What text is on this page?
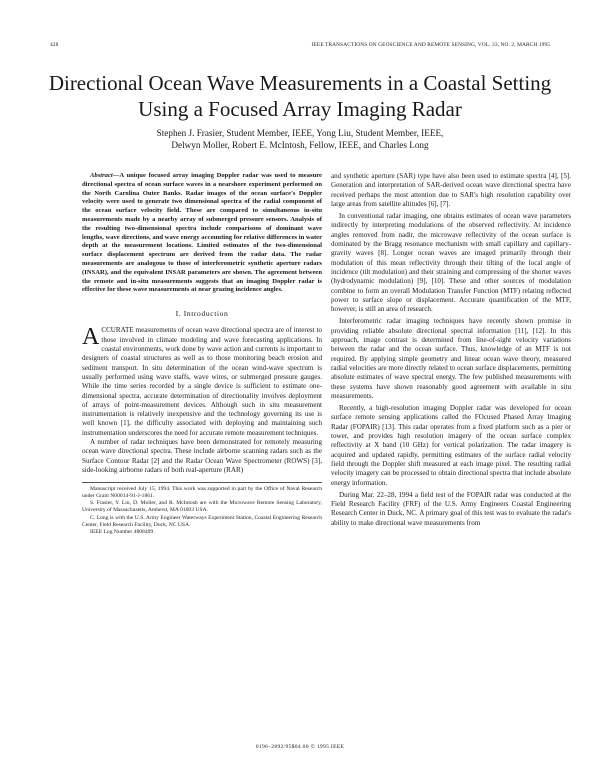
428	IEEE TRANSACTIONS ON GEOSCIENCE AND REMOTE SENSING, VOL. 33, NO. 2, MARCH 1995
Directional Ocean Wave Measurements in a Coastal Setting Using a Focused Array Imaging Radar
Stephen J. Frasier, Student Member, IEEE, Yong Liu, Student Member, IEEE,
Delwyn Moller, Robert E. McIntosh, Fellow, IEEE, and Charles Long

Abstract—A unique focused array imaging Doppler radar was used to measure directional spectra of ocean surface waves in a nearshore experiment performed on the North Carolina Outer Banks. Radar images of the ocean surface's Doppler velocity were used to generate two dimensional spectra of the radial component of the ocean surface velocity field. These are compared to simultaneous in-situ measurements made by a nearby array of submerged pressure sensors. Analysis of the resulting two-dimensional spectra include comparisons of dominant wave lengths, wave directions, and wave energy accounting for relative differences in water depth at the measurement locations. Limited estimates of the two-dimensional surface displacement spectrum are derived from the radar data. The radar measurements are analogous to those of interferometric synthetic aperture radars (INSAR), and the equivalent INSAR parameters are shown. The agreement between the remote and in-situ measurements suggests that an imaging Doppler radar is effective for these wave measurements at near grazing incidence angles.

I. Introduction

ACCURATE measurements of ocean wave directional spectra are of interest to those involved in climate modeling and wave forecasting applications. In coastal environments, work done by wave action and currents is important to designers of coastal structures as well as to those monitoring beach erosion and sediment transport. In situ determination of the ocean wind-wave spectrum is usually performed using wave staffs, wave wires, or submerged pressure gauges. While the time series recorded by a single device is sufficient to estimate one-dimensional spectra, accurate determination of directionality involves deployment of arrays of point-measurement devices. Although such in situ measurement instrumentation is relatively inexpensive and the technology governing its use is well known [1], the difficulty associated with deploying and maintaining such instrumentation underscores the need for accurate remote measurement techniques.

A number of radar techniques have been demonstrated for remotely measuring ocean wave directional spectra. These include airborne scanning radars such as the Surface Contour Radar [2] and the Radar Ocean Wave Spectrometer (ROWS) [3], side-looking airborne radars of both real-aperture (RAR)

Manuscript received July 15, 1994. This work was supported in part by the Office of Naval Research under Grant N00014-91-J-1861.
S. Frasier, Y. Liu, D. Moller, and R. McIntosh are with the Microwave Remote Sensing Laboratory, University of Massachusetts, Amherst, MA 01003 USA.
C. Long is with the U.S. Army Engineer Waterways Experiment Station, Coastal Engineering Research Center, Field Research Facility, Duck, NC USA.
IEEE Log Number 4808499.

and synthetic aperture (SAR) type have also been used to estimate spectra [4], [5]. Generation and interpretation of SAR-derived ocean wave directional spectra have received perhaps the most attention due to SAR's high resolution capability over large areas from satellite altitudes [6], [7].

In conventional radar imaging, one obtains estimates of ocean wave parameters indirectly by interpreting modulations of the observed reflectivity. At incidence angles removed from nadir, the microwave reflectivity of the ocean surface is dominated by the Bragg resonance mechanism with small capillary and capillary-gravity waves [8]. Longer ocean waves are imaged primarily through their modulation of this mean reflectivity through their tilting of the local angle of incidence (tilt modulation) and their straining and compressing of the shorter waves (hydrodynamic modulation) [9], [10]. These and other sources of modulation combine to form an overall Modulation Transfer Function (MTF) relating reflected power to surface slope or displacement. Accurate quantification of the MTF, however, is still an area of research.

Interferometric radar imaging techniques have recently shown promise in providing reliable absolute directional spectral information [11], [12]. In this approach, image contrast is determined from line-of-sight velocity variations between the radar and the ocean surface. Thus, knowledge of an MTF is not required. By applying simple geometry and linear ocean wave theory, measured radial velocities are more directly related to ocean surface displacements, permitting absolute estimates of wave spectral energy. The few published measurements with these systems have shown reasonably good agreement with available in situ measurements.

Recently, a high-resolution imaging Doppler radar was developed for ocean surface remote sensing applications called the FOcused Phased Array Imaging Radar (FOPAIR) [13]. This radar operates from a fixed platform such as a pier or tower, and provides high resolution imagery of the ocean surface complex reflectivity at X band (10 GHz) for vertical polarization. The radar imagery is acquired and updated rapidly, permitting estimates of the surface radial velocity field through the Doppler shift measured at each image pixel. The resulting radial velocity imagery can be processed to obtain directional spectra that include absolute energy information.

During Mar. 22–28, 1994 a field test of the FOPAIR radar was conducted at the Field Research Facility (FRF) of the U.S. Army Engineers Coastal Engineering Research Center in Duck, NC. A primary goal of this test was to evaluate the radar's ability to make directional wave measurements from

0196–2892/95$04.00 © 1995 IEEE
